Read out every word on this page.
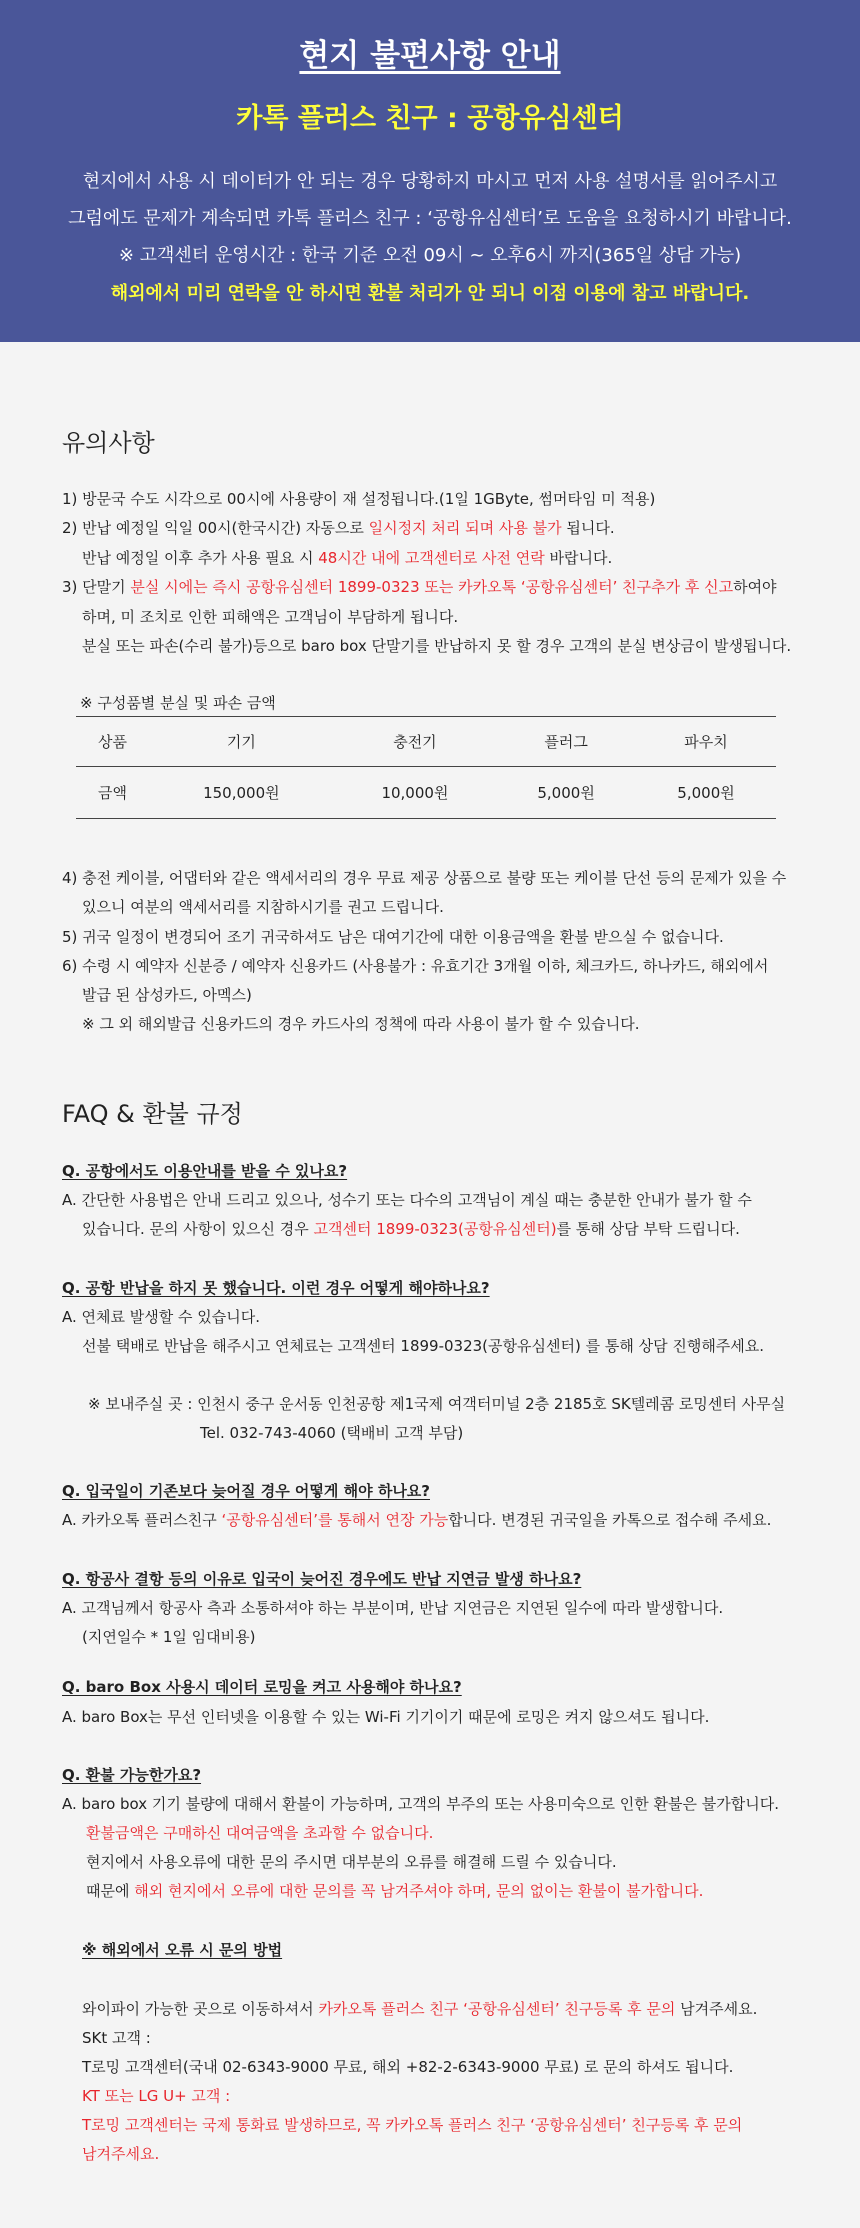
현지 불편사항 안내
카톡 플러스 친구 : 공항유심센터
현지에서 사용 시 데이터가 안 되는 경우 당황하지 마시고 먼저 사용 설명서를 읽어주시고
그럼에도 문제가 계속되면 카톡 플러스 친구 : ‘공항유심센터’로 도움을 요청하시기 바랍니다.
※ 고객센터 운영시간 : 한국 기준 오전 09시 ~ 오후6시 까지(365일 상담 가능)
해외에서 미리 연락을 안 하시면 환불 처리가 안 되니 이점 이용에 참고 바랍니다.
유의사항
1) 방문국 수도 시각으로 00시에 사용량이 재 설정됩니다.(1일 1GByte, 썸머타임 미 적용)
2) 반납 예정일 익일 00시(한국시간) 자동으로 일시정지 처리 되며 사용 불가 됩니다.
반납 예정일 이후 추가 사용 필요 시 48시간 내에 고객센터로 사전 연락 바랍니다.
3) 단말기 분실 시에는 즉시 공항유심센터 1899-0323 또는 카카오톡 ‘공항유심센터’ 친구추가 후 신고하여야
하며, 미 조치로 인한 피해액은 고객님이 부담하게 됩니다.
분실 또는 파손(수리 불가)등으로 baro box 단말기를 반납하지 못 할 경우 고객의 분실 변상금이 발생됩니다.
※ 구성품별 분실 및 파손 금액
상품	기기	충전기	플러그	파우치
금액	150,000원	10,000원	5,000원	5,000원
4) 충전 케이블, 어댑터와 같은 액세서리의 경우 무료 제공 상품으로 불량 또는 케이블 단선 등의 문제가 있을 수
있으니 여분의 액세서리를 지참하시기를 권고 드립니다.
5) 귀국 일정이 변경되어 조기 귀국하셔도 남은 대여기간에 대한 이용금액을 환불 받으실 수 없습니다.
6) 수령 시 예약자 신분증 / 예약자 신용카드 (사용불가 : 유효기간 3개월 이하, 체크카드, 하나카드, 해외에서
발급 된 삼성카드, 아멕스)
※ 그 외 해외발급 신용카드의 경우 카드사의 정책에 따라 사용이 불가 할 수 있습니다.
FAQ & 환불 규정
Q. 공항에서도 이용안내를 받을 수 있나요?
A. 간단한 사용법은 안내 드리고 있으나, 성수기 또는 다수의 고객님이 계실 때는 충분한 안내가 불가 할 수
있습니다. 문의 사항이 있으신 경우 고객센터 1899-0323(공항유심센터)를 통해 상담 부탁 드립니다.
Q. 공항 반납을 하지 못 했습니다. 이런 경우 어떻게 해야하나요?
A. 연체료 발생할 수 있습니다.
선불 택배로 반납을 해주시고 연체료는 고객센터 1899-0323(공항유심센터) 를 통해 상담 진행해주세요.
※ 보내주실 곳 : 인천시 중구 운서동 인천공항 제1국제 여객터미널 2층 2185호 SK텔레콤 로밍센터 사무실
Tel. 032-743-4060 (택배비 고객 부담)
Q. 입국일이 기존보다 늦어질 경우 어떻게 해야 하나요?
A. 카카오톡 플러스친구 ‘공항유심센터’를 통해서 연장 가능합니다. 변경된 귀국일을 카톡으로 접수해 주세요.
Q. 항공사 결항 등의 이유로 입국이 늦어진 경우에도 반납 지연금 발생 하나요?
A. 고객님께서 항공사 측과 소통하셔야 하는 부분이며, 반납 지연금은 지연된 일수에 따라 발생합니다.
(지연일수 * 1일 임대비용)
Q. baro Box 사용시 데이터 로밍을 켜고 사용해야 하나요?
A. baro Box는 무선 인터넷을 이용할 수 있는 Wi-Fi 기기이기 때문에 로밍은 켜지 않으셔도 됩니다.
Q. 환불 가능한가요?
A. baro box 기기 불량에 대해서 환불이 가능하며, 고객의 부주의 또는 사용미숙으로 인한 환불은 불가합니다.
환불금액은 구매하신 대여금액을 초과할 수 없습니다.
현지에서 사용오류에 대한 문의 주시면 대부분의 오류를 해결해 드릴 수 있습니다.
때문에 해외 현지에서 오류에 대한 문의를 꼭 남겨주셔야 하며, 문의 없이는 환불이 불가합니다.
※ 해외에서 오류 시 문의 방법
와이파이 가능한 곳으로 이동하셔서 카카오톡 플러스 친구 ‘공항유심센터’ 친구등록 후 문의 남겨주세요.
SKt 고객 :
T로밍 고객센터(국내 02-6343-9000 무료, 해외 +82-2-6343-9000 무료) 로 문의 하셔도 됩니다.
KT 또는 LG U+ 고객 :
T로밍 고객센터는 국제 통화료 발생하므로, 꼭 카카오톡 플러스 친구 ‘공항유심센터’ 친구등록 후 문의
남겨주세요.
